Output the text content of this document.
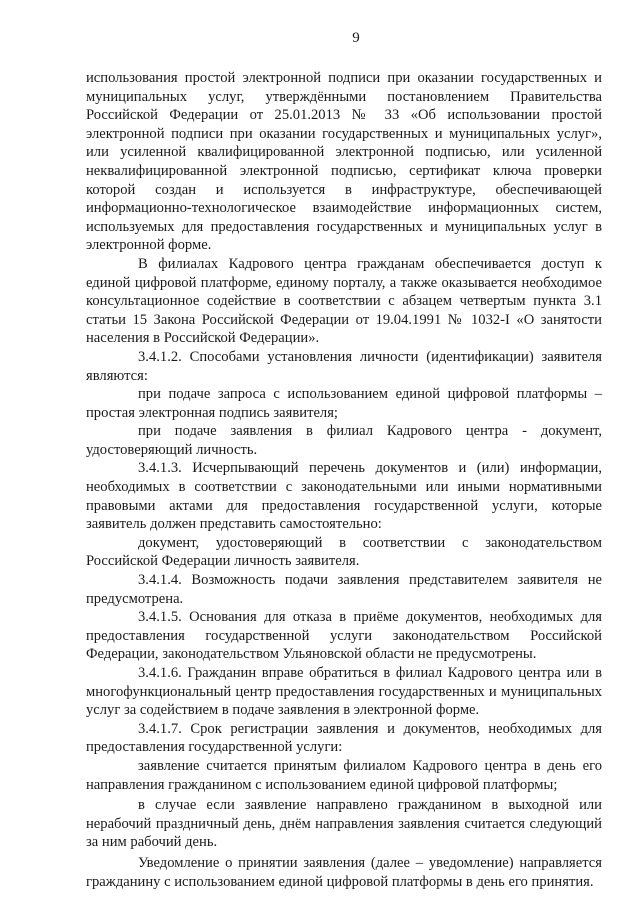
9

использования простой электронной подписи при оказании государственных и муниципальных услуг, утверждёнными постановлением Правительства Российской Федерации от 25.01.2013 № 33 «Об использовании простой электронной подписи при оказании государственных и муниципальных услуг», или усиленной квалифицированной электронной подписью, или усиленной неквалифицированной электронной подписью, сертификат ключа проверки которой создан и используется в инфраструктуре, обеспечивающей информационно-технологическое взаимодействие информационных систем, используемых для предоставления государственных и муниципальных услуг в электронной форме.

В филиалах Кадрового центра гражданам обеспечивается доступ к единой цифровой платформе, единому порталу, а также оказывается необходимое консультационное содействие в соответствии с абзацем четвертым пункта 3.1 статьи 15 Закона Российской Федерации от 19.04.1991 № 1032-I «О занятости населения в Российской Федерации».

3.4.1.2. Способами установления личности (идентификации) заявителя являются:

при подаче запроса с использованием единой цифровой платформы – простая электронная подпись заявителя;

при подаче заявления в филиал Кадрового центра - документ, удостоверяющий личность.

3.4.1.3. Исчерпывающий перечень документов и (или) информации, необходимых в соответствии с законодательными или иными нормативными правовыми актами для предоставления государственной услуги, которые заявитель должен представить самостоятельно:

документ, удостоверяющий в соответствии с законодательством Российской Федерации личность заявителя.

3.4.1.4. Возможность подачи заявления представителем заявителя не предусмотрена.

3.4.1.5. Основания для отказа в приёме документов, необходимых для предоставления государственной услуги законодательством Российской Федерации, законодательством Ульяновской области не предусмотрены.

3.4.1.6. Гражданин вправе обратиться в филиал Кадрового центра или в многофункциональный центр предоставления государственных и муниципальных услуг за содействием в подаче заявления в электронной форме.

3.4.1.7. Срок регистрации заявления и документов, необходимых для предоставления государственной услуги:

заявление считается принятым филиалом Кадрового центра в день его направления гражданином с использованием единой цифровой платформы;

в случае если заявление направлено гражданином в выходной или нерабочий праздничный день, днём направления заявления считается следующий за ним рабочий день.

Уведомление о принятии заявления (далее – уведомление) направляется гражданину с использованием единой цифровой платформы в день его принятия.
